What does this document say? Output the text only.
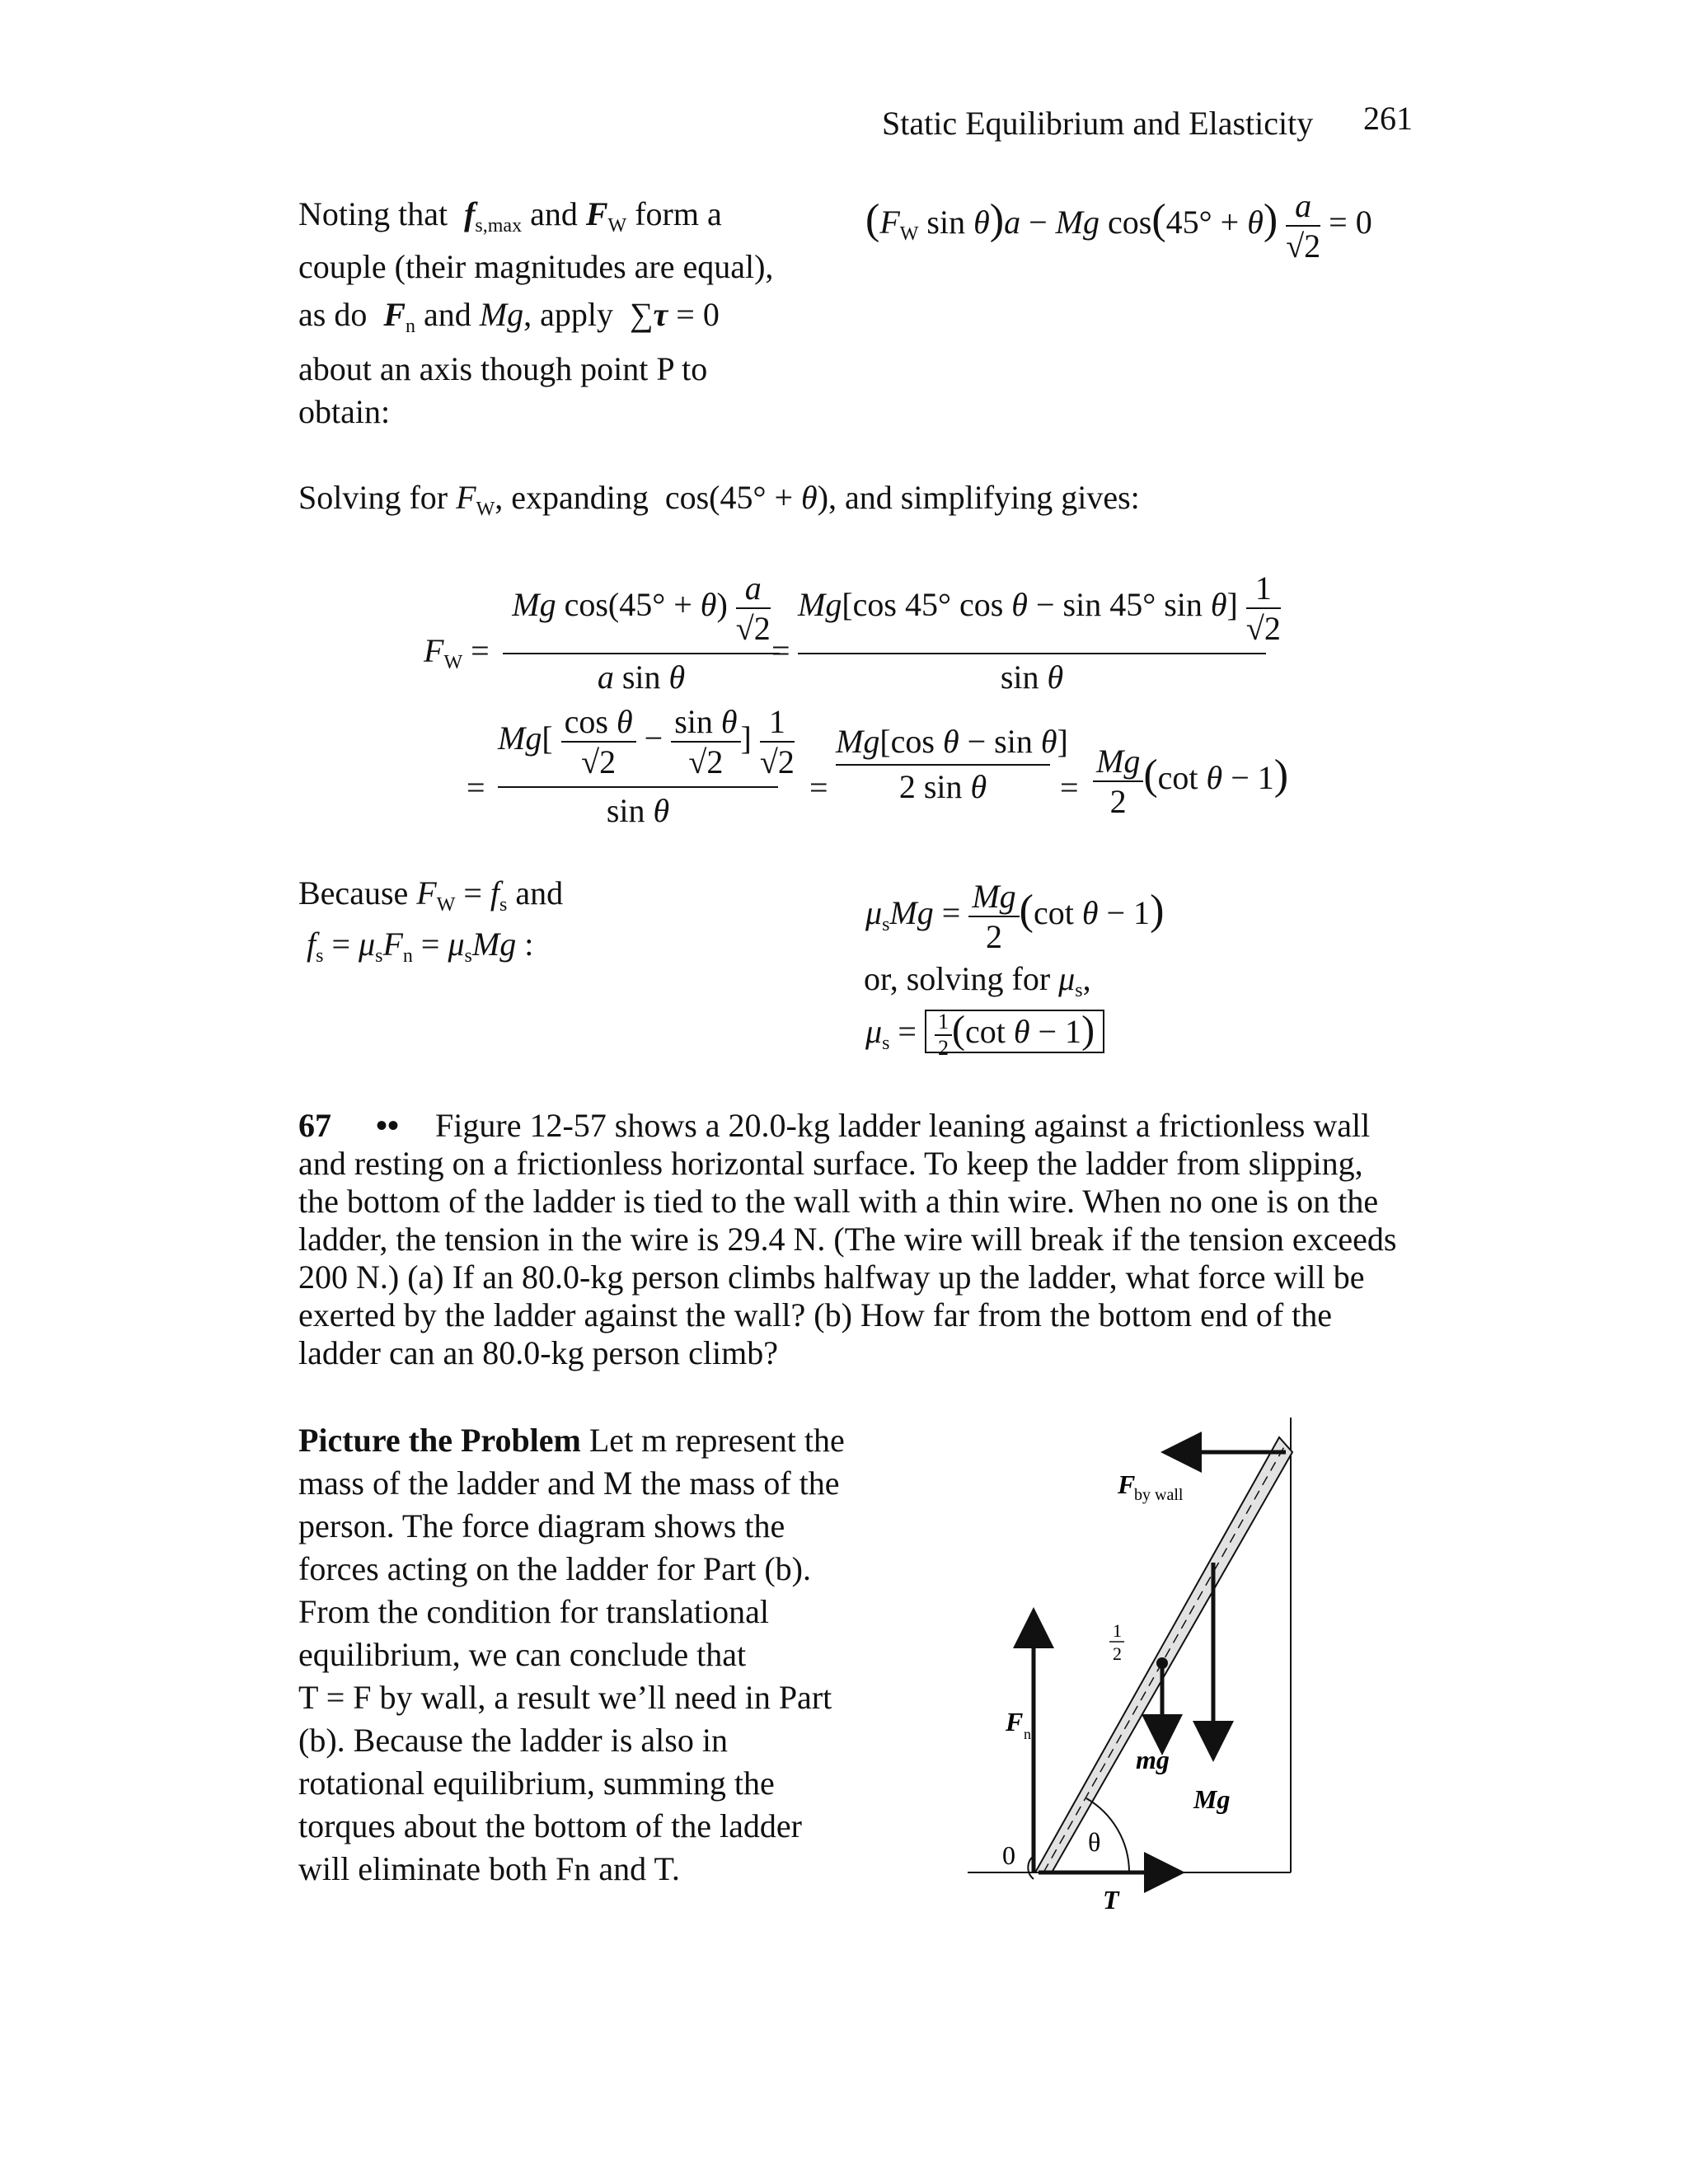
Static Equilibrium and Elasticity 261
Noting that  $f_{s,max}$ and $F_W$ form a
couple (their magnitudes are equal),
as do  $F_n$ and Mg, apply  ∑τ = 0
about an axis though point P to
obtain:
($F_W$ sin θ)a − Mg $\cos(45^\circ + \theta) \frac{a}{√2} = 0$
Solving for $F_W$, expanding  cos(45° + θ), and simplifying gives:
$F_W$ =
Mg $\cos(45^\circ + \theta) \frac{a}{√2}$
a sin θ
=
Mg[cos 45° cos θ − sin 45° $\sin \theta] \frac{1}{√2}$
sin θ
=
$Mg[ \frac{\text{cos θ}}{√2} - \frac{\text{sin θ}}{√2}$ ] $\frac{1}{√2}$
sin θ
=
Mg[cos θ − sin θ]
2 sin θ	= $\frac{Mg}{2} (\cot$ θ − 1)
Because $F_W = f_s$ and
$f_s = \mu_sF_n = \mu_sMg$ :
$\mu_sMg = \frac{Mg}{2} (\cot$ θ − 1)
or, solving for $\mu_s$,
$\mu_s = \frac{1}{2} (\cot$ θ − 1)
67 •• Figure 12-57 shows a 20.0-kg ladder leaning against a frictionless wall
and resting on a frictionless horizontal surface. To keep the ladder from slipping,
the bottom of the ladder is tied to the wall with a thin wire. When no one is on the
ladder, the tension in the wire is 29.4 N. (The wire will break if the tension exceeds
200 N.) (a) If an 80.0-kg person climbs halfway up the ladder, what force will be
exerted by the ladder against the wall? (b) How far from the bottom end of the
ladder can an 80.0-kg person climb?
Picture the Problem Let m represent the
mass of the ladder and M the mass of the
person. The force diagram shows the
forces acting on the ladder for Part (b).
From the condition for translational
equilibrium, we can conclude that
T = F by wall, a result we’ll need in Part
(b). Because the ladder is also in
rotational equilibrium, summing the
torques about the bottom of the ladder
will eliminate both Fn and T.
F
by wall
F n
mg
Mg
1
2
θ
0
T
